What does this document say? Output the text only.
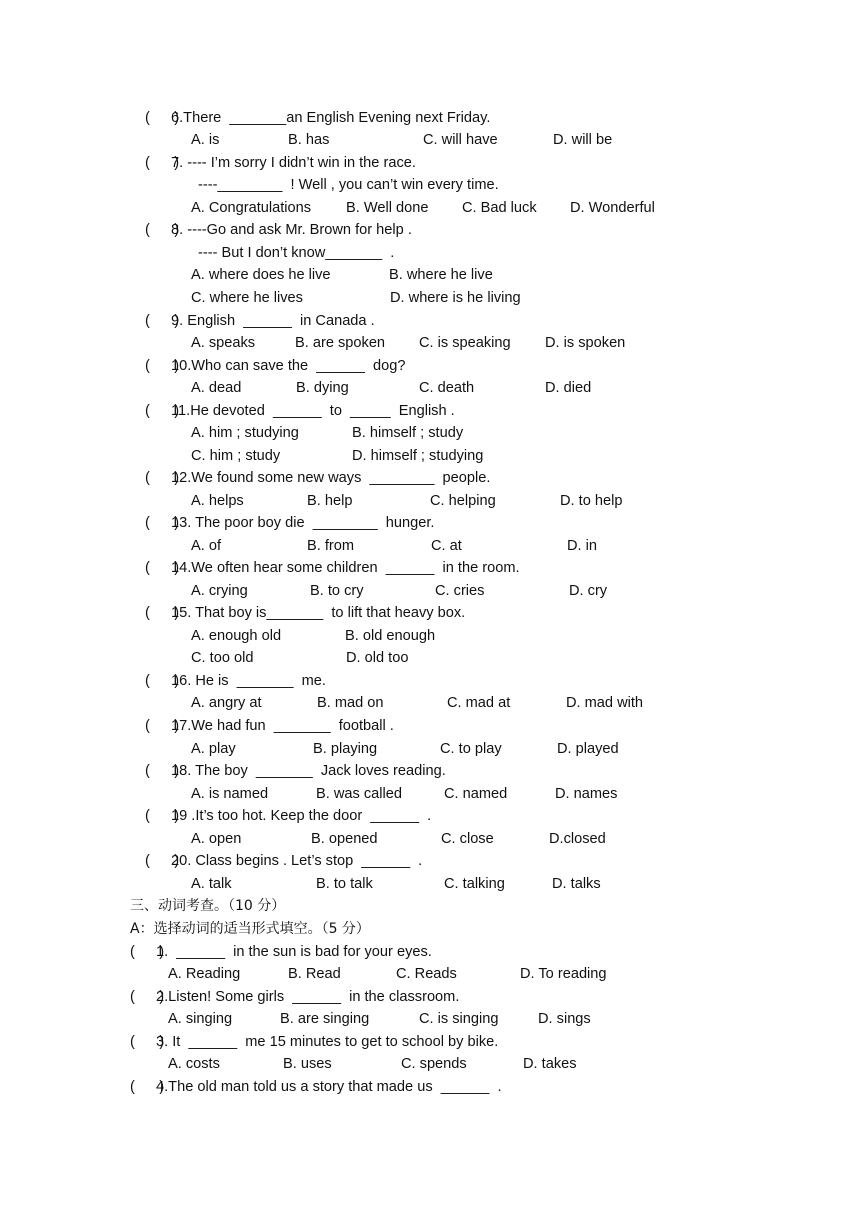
(      )

6.There  _______an English Evening next Friday.

A. is

	B. has

	C. will have

	D. will be

(      )

7. ---- I’m sorry I didn’t win in the race.

----________  ! Well , you can’t win every time.

A. Congratulations

B. Well done

C. Bad luck

D. Wonderful

(      )

8. ----Go and ask Mr. Brown for help .

---- But I don’t know_______  .

A. where does he live

	B. where he live

C. where he lives

	D. where is he living

(      )

9. English  ______  in Canada .

A. speaks

	B. are spoken

C. is speaking

D. is spoken

(      )

10.Who can save the  ______  dog?

A. dead

	B. dying

	C. death

	D. died

(      )

11.He devoted  ______  to  _____  English .

A. him ; studying

	B. himself ; study

C. him ; study

	D. himself ; studying

(      )

12.We found some new ways  ________  people.

A. helps

	B. help

	C. helping

	D. to help

(      )

13. The poor boy die  ________  hunger.

A. of

	B. from

	C. at

	D. in

(      )

14.We often hear some children  ______  in the room.

A. crying

	B. to cry

	C. cries

	D. cry

(      )

15. That boy is_______  to lift that heavy box.

A. enough old

	B. old enough

C. too old

	D. old too

(      )

16. He is  _______  me.

A. angry at

	B. mad on

	C. mad at

	D. mad with

(      )

17.We had fun  _______  football .

A. play

	B. playing

	C. to play

	D. played

(      )

18. The boy  _______  Jack loves reading.

A. is named

	B. was called

	C. named

	D. names

(      )

19 .It’s too hot. Keep the door  ______  .

A. open

	B. opened

	C. close

	D.closed

(      )

20. Class begins . Let’s stop  ______  .

A. talk

	B. to talk

	C. talking

	D. talks

三、动词考查。（10 分）
A：选择动词的适当形式填空。（5 分）

(      )

1.  ______  in the sun is bad for your eyes.

A. Reading

	B. Read

	C. Reads

	D. To reading

(      )

2.Listen! Some girls  ______  in the classroom.

A. singing

	B. are singing

	C. is singing

	D. sings

(      )

3. It  ______  me 15 minutes to get to school by bike.

A. costs

	B. uses

	C. spends

	D. takes

(      )

4.The old man told us a story that made us  ______  .
